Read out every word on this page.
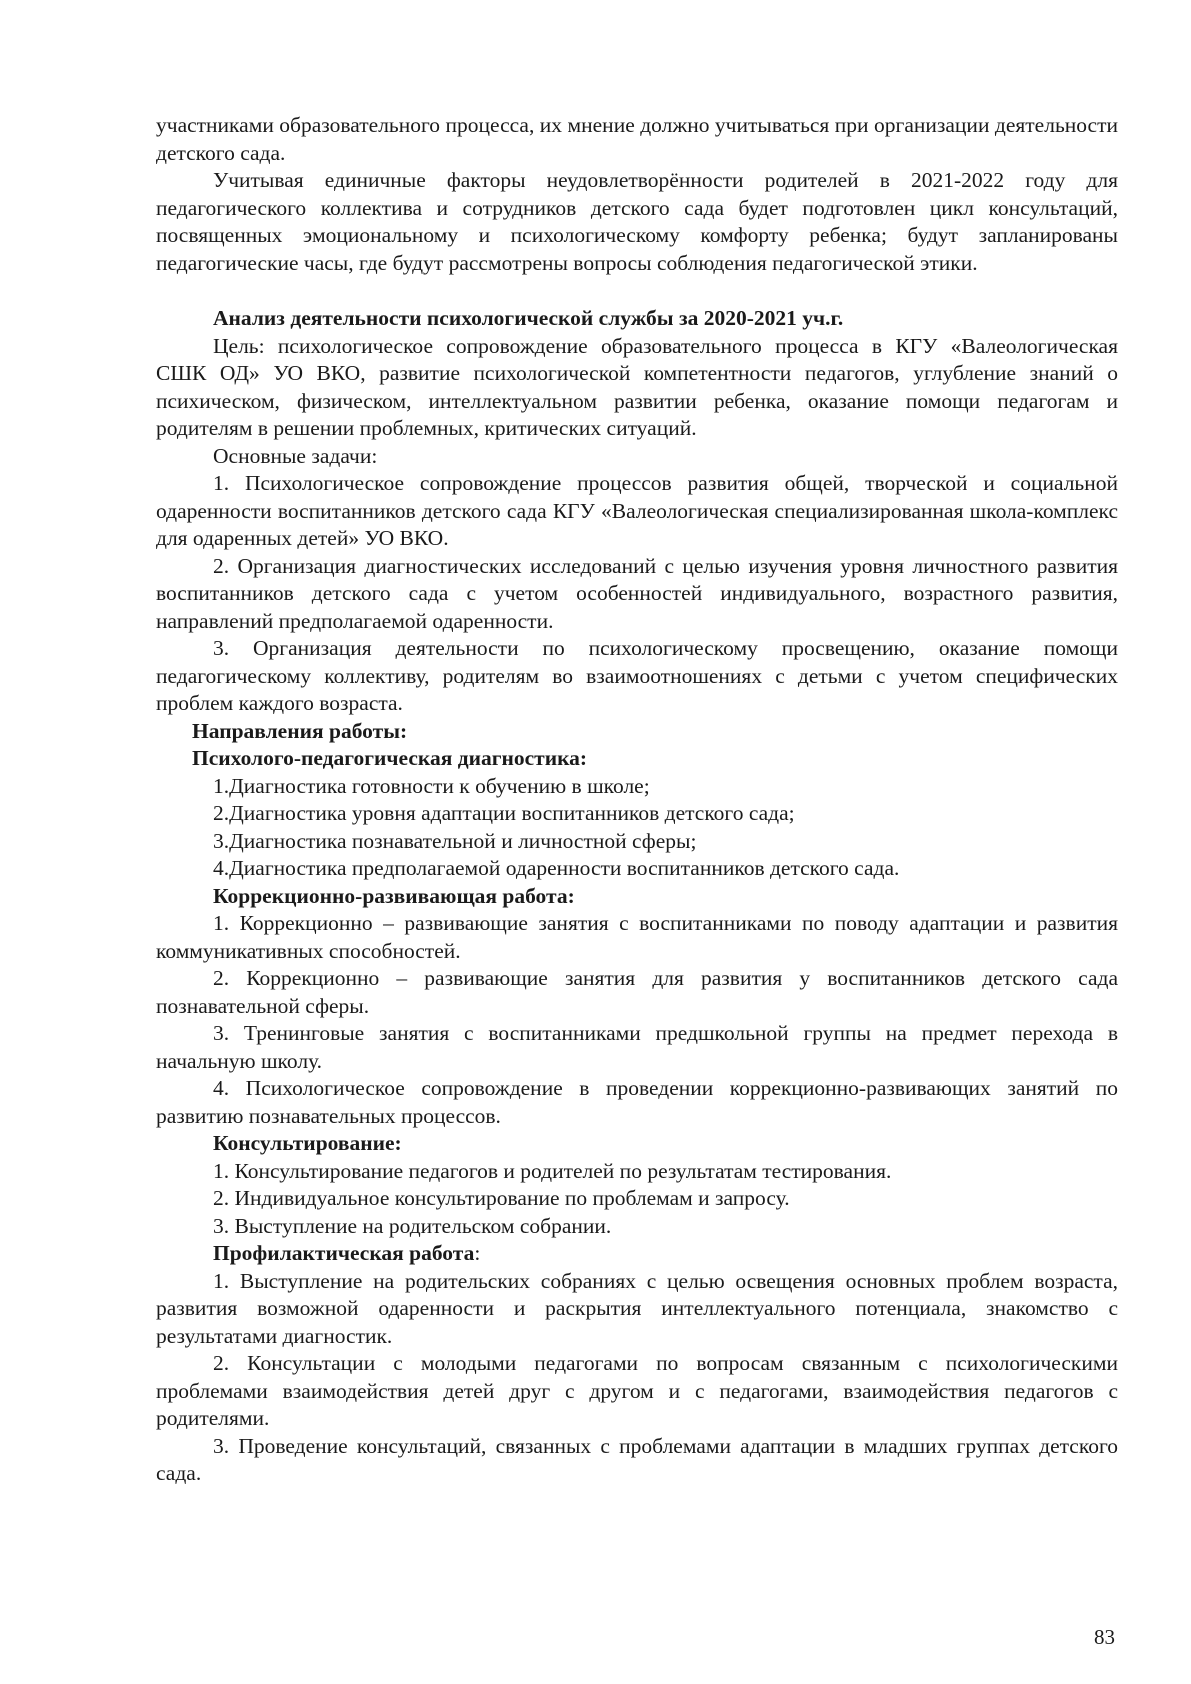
участниками образовательного процесса, их мнение должно учитываться при организации деятельности детского сада.

Учитывая единичные факторы неудовлетворённости родителей в 2021-2022 году для педагогического коллектива и сотрудников детского сада будет подготовлен цикл консультаций, посвященных эмоциональному и психологическому комфорту ребенка; будут запланированы педагогические часы, где будут рассмотрены вопросы соблюдения педагогической этики.

Анализ деятельности психологической службы за 2020-2021 уч.г.

Цель: психологическое сопровождение образовательного процесса в КГУ «Валеологическая СШК ОД» УО ВКО, развитие психологической компетентности педагогов, углубление знаний о психическом, физическом, интеллектуальном развитии ребенка, оказание помощи педагогам и родителям в решении проблемных, критических ситуаций.

Основные задачи:

1. Психологическое сопровождение процессов развития общей, творческой и социальной одаренности воспитанников детского сада КГУ «Валеологическая специализированная школа-комплекс для одаренных детей» УО ВКО.

2. Организация диагностических исследований с целью изучения уровня личностного развития воспитанников детского сада с учетом особенностей индивидуального, возрастного развития, направлений предполагаемой одаренности.

3. Организация деятельности по психологическому просвещению, оказание помощи педагогическому коллективу, родителям во взаимоотношениях с детьми с учетом специфических проблем каждого возраста.

Направления работы:

Психолого-педагогическая диагностика:

1.Диагностика готовности к обучению в школе;

2.Диагностика уровня адаптации воспитанников детского сада;

3.Диагностика познавательной и личностной сферы;

4.Диагностика предполагаемой одаренности воспитанников детского сада.

Коррекционно-развивающая работа:

1. Коррекционно – развивающие занятия с воспитанниками по поводу адаптации и развития коммуникативных способностей.

2. Коррекционно – развивающие занятия для развития у воспитанников детского сада познавательной сферы.

3. Тренинговые занятия с воспитанниками предшкольной группы на предмет перехода в начальную школу.

4. Психологическое сопровождение в проведении коррекционно-развивающих занятий по развитию познавательных процессов.

Консультирование:

1. Консультирование педагогов и родителей по результатам тестирования.

2. Индивидуальное консультирование по проблемам и запросу.

3. Выступление на родительском собрании.

Профилактическая работа:

1. Выступление на родительских собраниях с целью освещения основных проблем возраста, развития возможной одаренности и раскрытия интеллектуального потенциала, знакомство с результатами диагностик.

2. Консультации с молодыми педагогами по вопросам связанным с психологическими проблемами взаимодействия детей друг с другом и с педагогами, взаимодействия педагогов с родителями.

3. Проведение консультаций, связанных с проблемами адаптации в младших группах детского сада.

83
